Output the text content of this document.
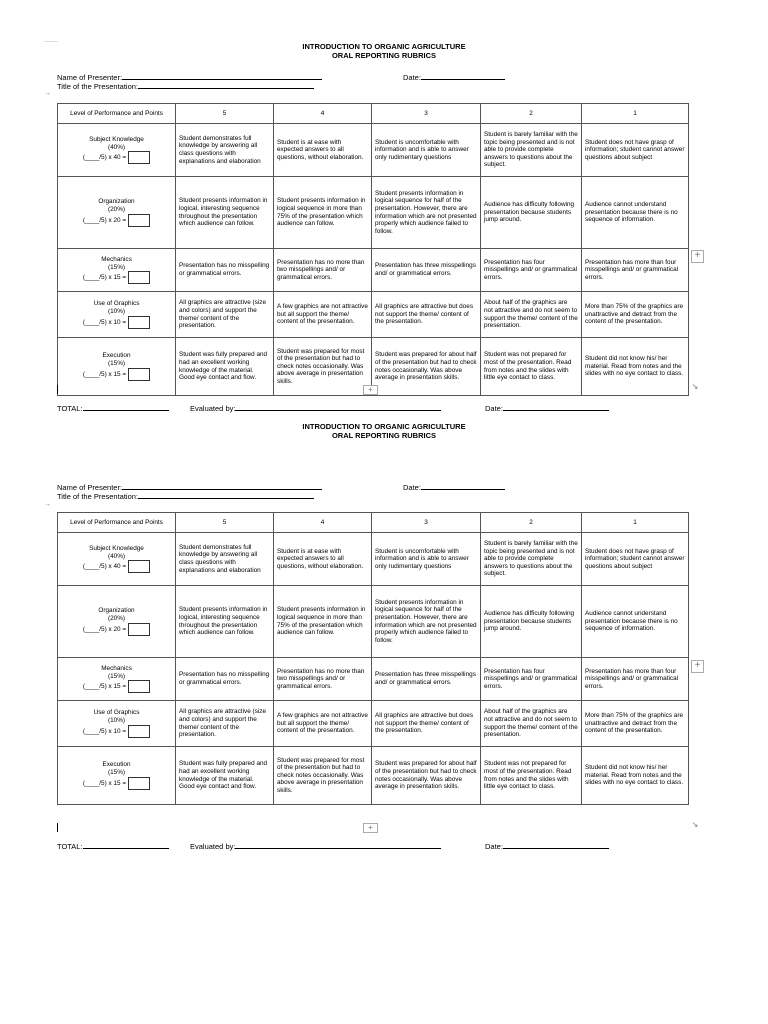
INTRODUCTION TO ORGANIC AGRICULTURE
ORAL REPORTING RUBRICS
Name of Presenter:	Date:
Title of the Presentation:
→
Level of Performance and Points	5	4	3	2	1

Subject Knowledge
(40%)
(____/5) x 40 =	Student demonstrates full knowledge by answering all class questions with explanations and elaboration	Student is at ease with expected answers to all questions, without elaboration.	Student is uncomfortable with information and is able to answer only rudimentary questions	Student is barely familiar with the topic being presented and is not able to provide complete answers to questions about the subject.	Student does not have grasp of information; student cannot answer questions about subject

Organization
(20%)
(____/5) x 20 =	Student presents information in logical, interesting sequence throughout the presentation which audience can follow.	Student presents information in logical sequence in more than 75% of the presentation which audience can follow.	Student presents information in logical sequence for half of the presentation. However, there are information which are not presented properly which audience failed to follow.	Audience has difficulty following presentation because students jump around.	Audience cannot understand presentation because there is no sequence of information.

Mechanics
(15%)
(____/5) x 15 =	Presentation has no misspelling or grammatical errors.	Presentation has no more than two misspellings and/ or grammatical errors.	Presentation has three misspellings and/ or grammatical errors.	Presentation has four misspellings and/ or grammatical errors.	Presentation has more than four misspellings and/ or grammatical errors.

Use of Graphics
(10%)
(____/5) x 10 =	All graphics are attractive (size and colors) and support the theme/ content of the presentation.	A few graphics are not attractive but all support the theme/ content of the presentation.	All graphics are attractive but does not support the theme/ content of the presentation.	About half of the graphics are not attractive and do not seem to support the theme/ content of the presentation.	More than 75% of the graphics are unattractive and detract from the content of the presentation.

Execution
(15%)
(____/5) x 15 =	Student was fully prepared and had an excellent working knowledge of the material. Good eye contact and flow.	Student was prepared for most of the presentation but had to check notes occasionally. Was above average in presentation skills.	Student was prepared for about half of the presentation but had to check notes occasionally. Was above average in presentation skills.	Student was not prepared for most of the presentation. Read from notes and the slides with little eye contact to class.	Student did not know his/ her material. Read from notes and the slides with no eye contact to class.
+
+
↘
TOTAL:	Evaluated by:	Date:
INTRODUCTION TO ORGANIC AGRICULTURE
ORAL REPORTING RUBRICS
Name of Presenter:	Date:
Title of the Presentation:
→
Level of Performance and Points	5	4	3	2	1

Subject Knowledge
(40%)
(____/5) x 40 =	Student demonstrates full knowledge by answering all class questions with explanations and elaboration	Student is at ease with expected answers to all questions, without elaboration.	Student is uncomfortable with information and is able to answer only rudimentary questions	Student is barely familiar with the topic being presented and is not able to provide complete answers to questions about the subject.	Student does not have grasp of information; student cannot answer questions about subject

Organization
(20%)
(____/5) x 20 =	Student presents information in logical, interesting sequence throughout the presentation which audience can follow.	Student presents information in logical sequence in more than 75% of the presentation which audience can follow.	Student presents information in logical sequence for half of the presentation. However, there are information which are not presented properly which audience failed to follow.	Audience has difficulty following presentation because students jump around.	Audience cannot understand presentation because there is no sequence of information.

Mechanics
(15%)
(____/5) x 15 =	Presentation has no misspelling or grammatical errors.	Presentation has no more than two misspellings and/ or grammatical errors.	Presentation has three misspellings and/ or grammatical errors.	Presentation has four misspellings and/ or grammatical errors.	Presentation has more than four misspellings and/ or grammatical errors.

Use of Graphics
(10%)
(____/5) x 10 =	All graphics are attractive (size and colors) and support the theme/ content of the presentation.	A few graphics are not attractive but all support the theme/ content of the presentation.	All graphics are attractive but does not support the theme/ content of the presentation.	About half of the graphics are not attractive and do not seem to support the theme/ content of the presentation.	More than 75% of the graphics are unattractive and detract from the content of the presentation.

Execution
(15%)
(____/5) x 15 =	Student was fully prepared and had an excellent working knowledge of the material. Good eye contact and flow.	Student was prepared for most of the presentation but had to check notes occasionally. Was above average in presentation skills.	Student was prepared for about half of the presentation but had to check notes occasionally. Was above average in presentation skills.	Student was not prepared for most of the presentation. Read from notes and the slides with little eye contact to class.	Student did not know his/ her material. Read from notes and the slides with no eye contact to class.
+
+
↘
TOTAL:	Evaluated by:	Date:
